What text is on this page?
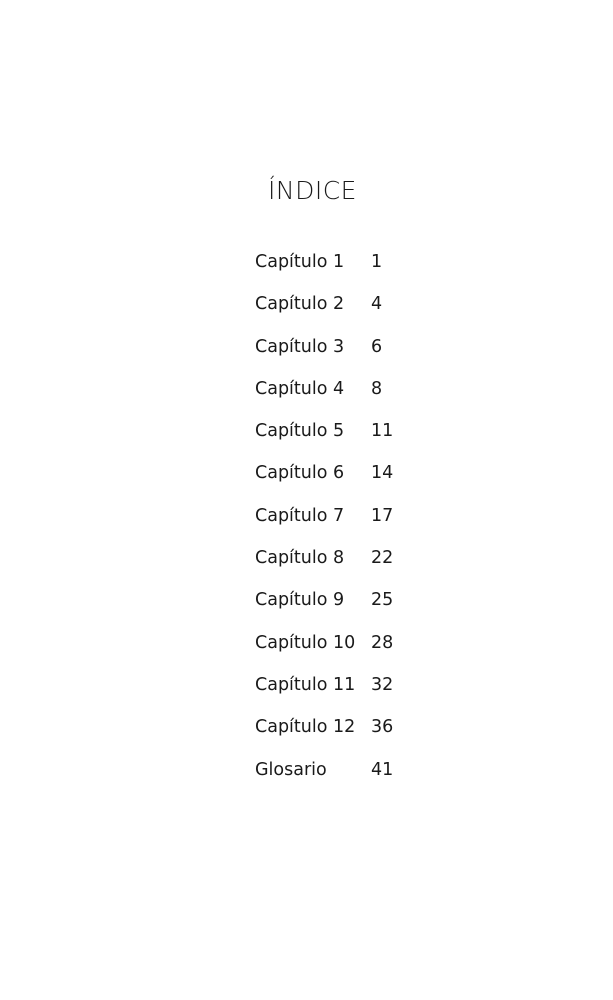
ÍNDICE
Capítulo 1	1
Capítulo 2	4
Capítulo 3	6
Capítulo 4	8
Capítulo 5	11
Capítulo 6	14
Capítulo 7	17
Capítulo 8	22
Capítulo 9	25
Capítulo 10 28
Capítulo 11 32
Capítulo 12 36
Glosario	41
